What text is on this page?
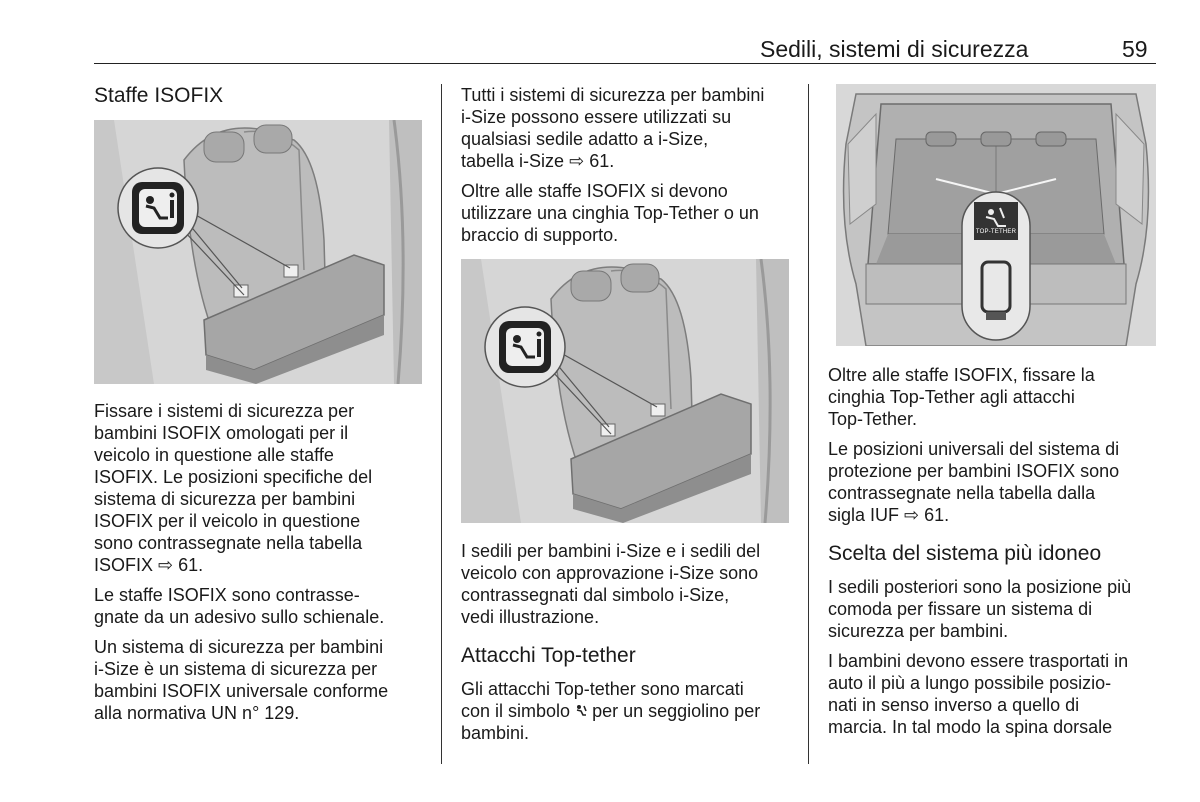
Sedili, sistemi di sicurezza	59
Staffe ISOFIX

Fissare i sistemi di sicurezza per
bambini ISOFIX omologati per il
veicolo in questione alle staffe
ISOFIX. Le posizioni specifiche del
sistema di sicurezza per bambini
ISOFIX per il veicolo in questione
sono contrassegnate nella tabella
ISOFIX ⇨ 61.

Le staffe ISOFIX sono contrasse-
gnate da un adesivo sullo schienale.

Un sistema di sicurezza per bambini
i-Size è un sistema di sicurezza per
bambini ISOFIX universale conforme
alla normativa UN n° 129.

Tutti i sistemi di sicurezza per bambini
i-Size possono essere utilizzati su
qualsiasi sedile adatto a i-Size,
tabella i-Size ⇨ 61.

Oltre alle staffe ISOFIX si devono
utilizzare una cinghia Top-Tether o un
braccio di supporto.

I sedili per bambini i-Size e i sedili del
veicolo con approvazione i-Size sono
contrassegnati dal simbolo i-Size,
vedi illustrazione.

Attacchi Top-tether

Gli attacchi Top-tether sono marcati
con il simbolo per un seggiolino per
bambini.

TOP-TETHER

Oltre alle staffe ISOFIX, fissare la
cinghia Top-Tether agli attacchi
Top-Tether.

Le posizioni universali del sistema di
protezione per bambini ISOFIX sono
contrassegnate nella tabella dalla
sigla IUF ⇨ 61.

Scelta del sistema più idoneo

I sedili posteriori sono la posizione più
comoda per fissare un sistema di
sicurezza per bambini.

I bambini devono essere trasportati in
auto il più a lungo possibile posizio-
nati in senso inverso a quello di
marcia. In tal modo la spina dorsale
